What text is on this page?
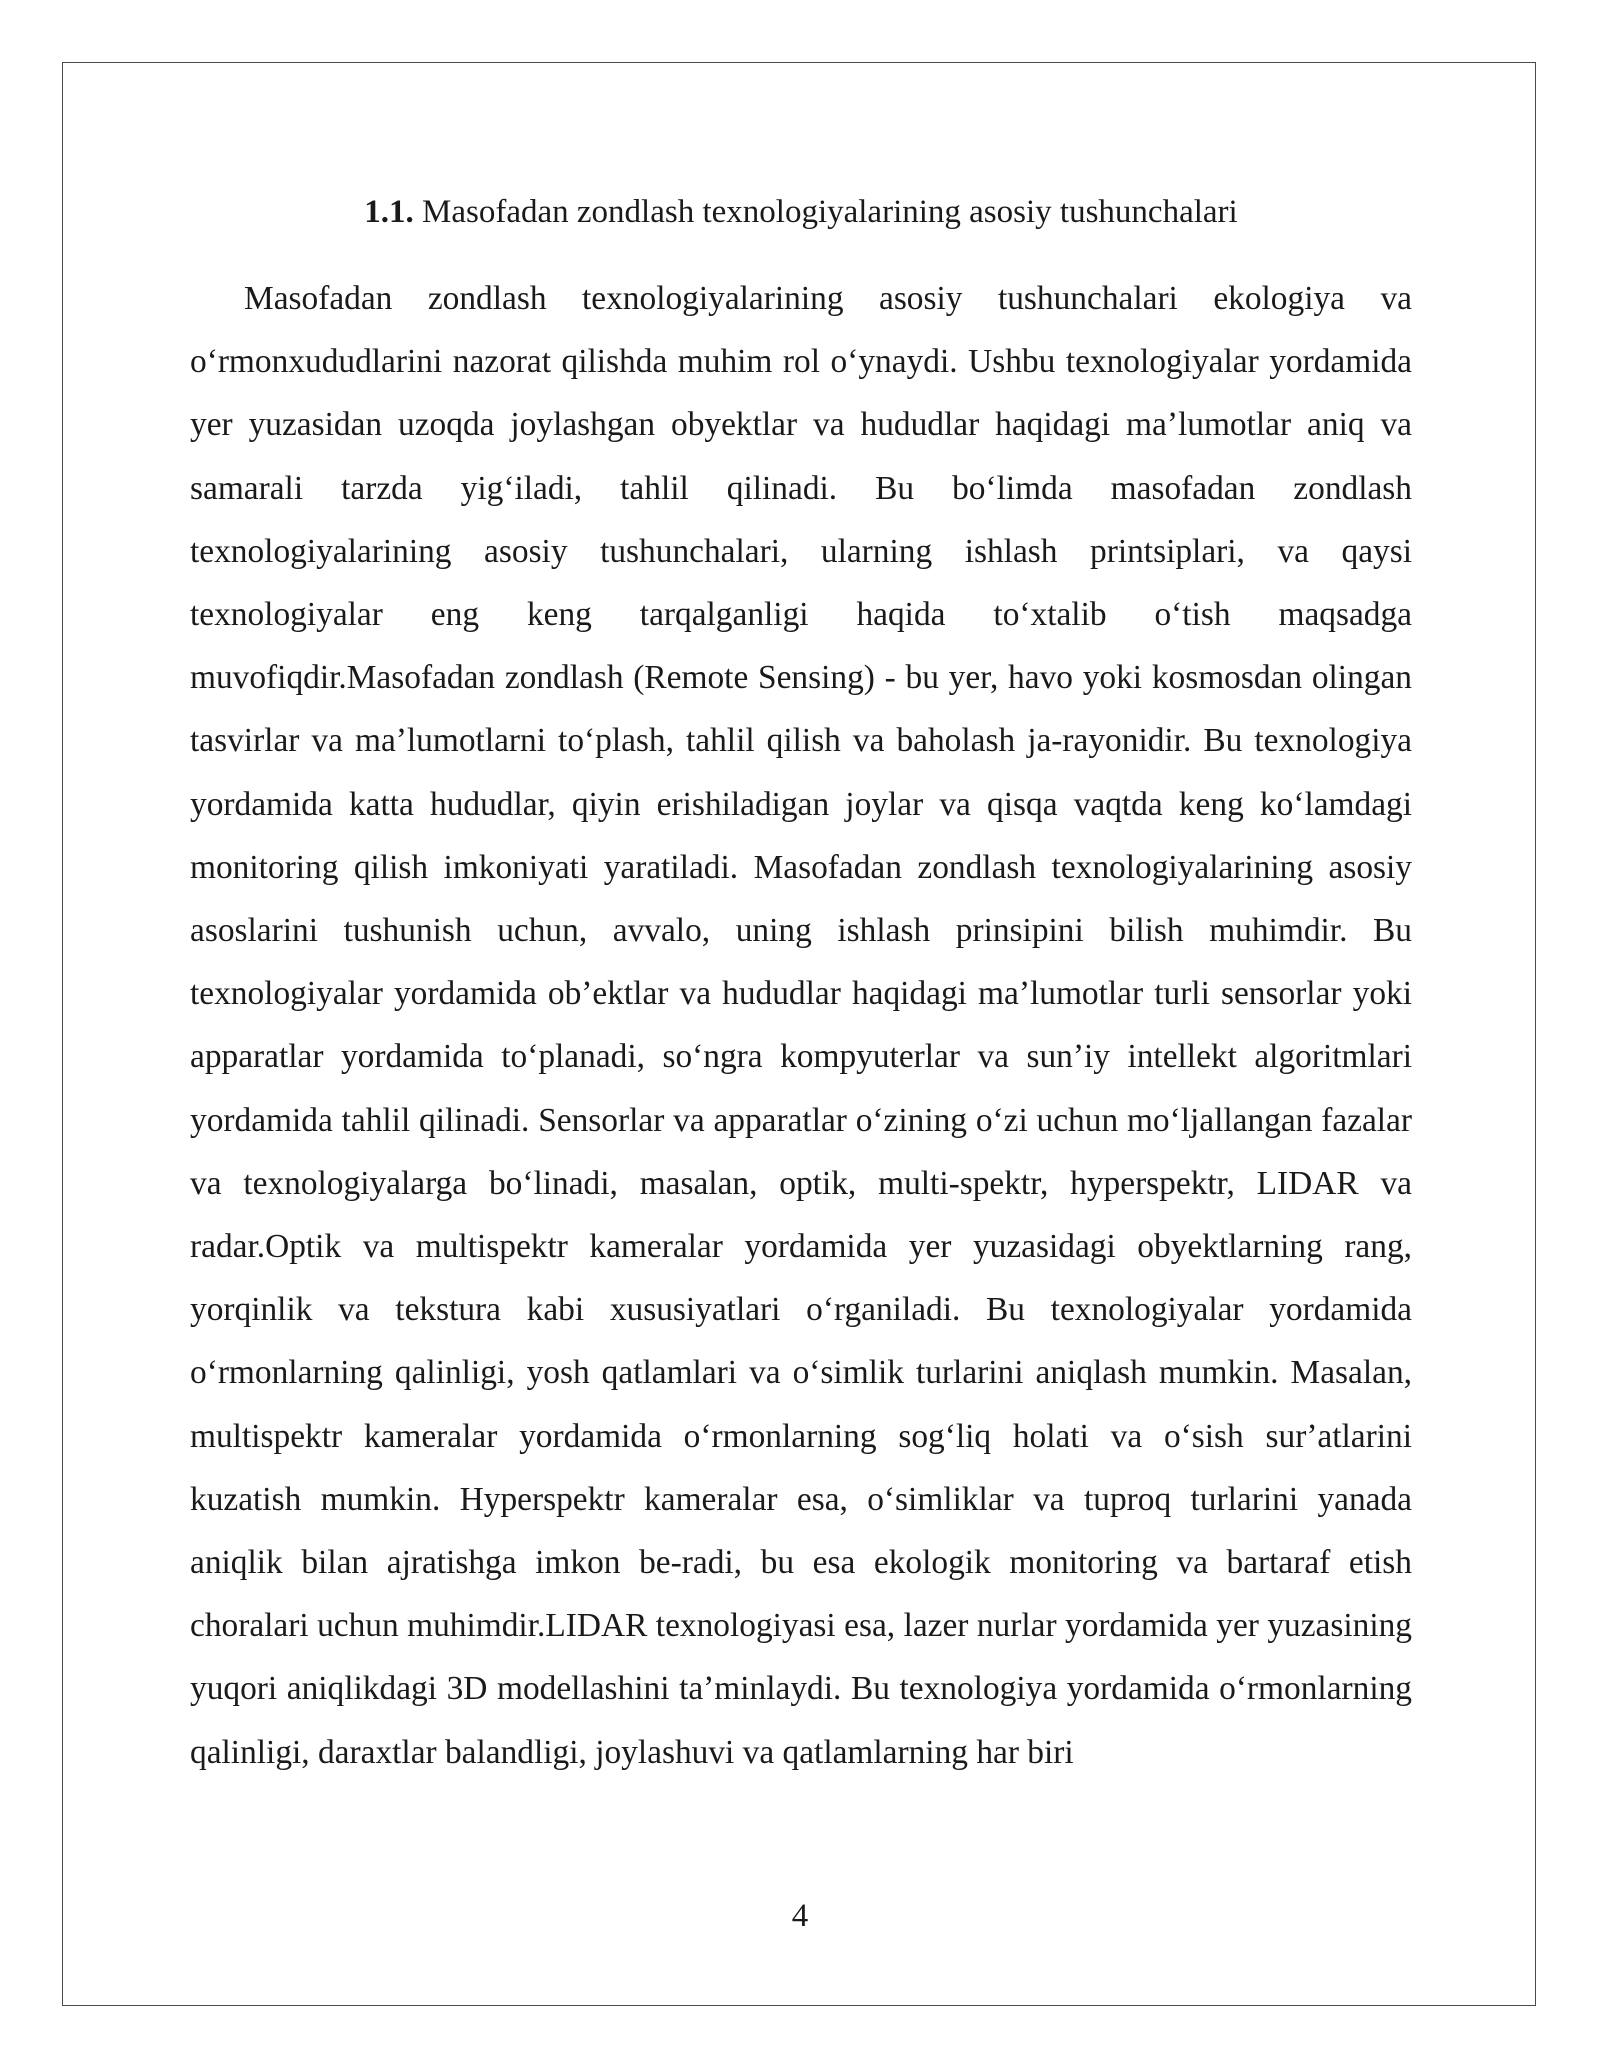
1.1. Masofadan zondlash texnologiyalarining asosiy tushunchalari

Masofadan zondlash texnologiyalarining asosiy tushunchalari ekologiya va oʻrmonxududlarini nazorat qilishda muhim rol oʻynaydi. Ushbu texnologiyalar yordamida yer yuzasidan uzoqda joylashgan obyektlar va hududlar haqidagi maʼlumotlar aniq va samarali tarzda yigʻiladi, tahlil qilinadi. Bu boʻlimda masofadan zondlash texnologiyalarining asosiy tushunchalari, ularning ishlash printsiplari, va qaysi texnologiyalar eng keng tarqalganligi haqida toʻxtalib oʻtish maqsadga muvofiqdir.Masofadan zondlash (Remote Sensing) - bu yer, havo yoki kosmosdan olingan tasvirlar va maʼlumotlarni toʻplash, tahlil qilish va baholash ja-rayonidir. Bu texnologiya yordamida katta hududlar, qiyin erishiladigan joylar va qisqa vaqtda keng koʻlamdagi monitoring qilish imkoniyati yaratiladi. Masofadan zondlash texnologiyalarining asosiy asoslarini tushunish uchun, avvalo, uning ishlash prinsipini bilish muhimdir. Bu texnologiyalar yordamida obʼektlar va hududlar haqidagi maʼlumotlar turli sensorlar yoki apparatlar yordamida toʻplanadi, soʻngra kompyuterlar va sunʼiy intellekt algoritmlari yordamida tahlil qilinadi. Sensorlar va apparatlar oʻzining oʻzi uchun moʻljallangan fazalar va texnologiyalarga boʻlinadi, masalan, optik, multi-spektr, hyperspektr, LIDAR va radar.Optik va multispektr kameralar yordamida yer yuzasidagi obyektlarning rang, yorqinlik va tekstura kabi xususiyatlari oʻrganiladi. Bu texnologiyalar yordamida oʻrmonlarning qalinligi, yosh qatlamlari va oʻsimlik turlarini aniqlash mumkin. Masalan, multispektr kameralar yordamida oʻrmonlarning sogʻliq holati va oʻsish surʼatlarini kuzatish mumkin. Hyperspektr kameralar esa, oʻsimliklar va tuproq turlarini yanada aniqlik bilan ajratishga imkon be-radi, bu esa ekologik monitoring va bartaraf etish choralari uchun muhimdir.LIDAR texnologiyasi esa, lazer nurlar yordamida yer yuzasining yuqori aniqlikdagi 3D modellashini taʼminlaydi. Bu texnologiya yordamida oʻrmonlarning qalinligi, daraxtlar balandligi, joylashuvi va qatlamlarning har biri

4
